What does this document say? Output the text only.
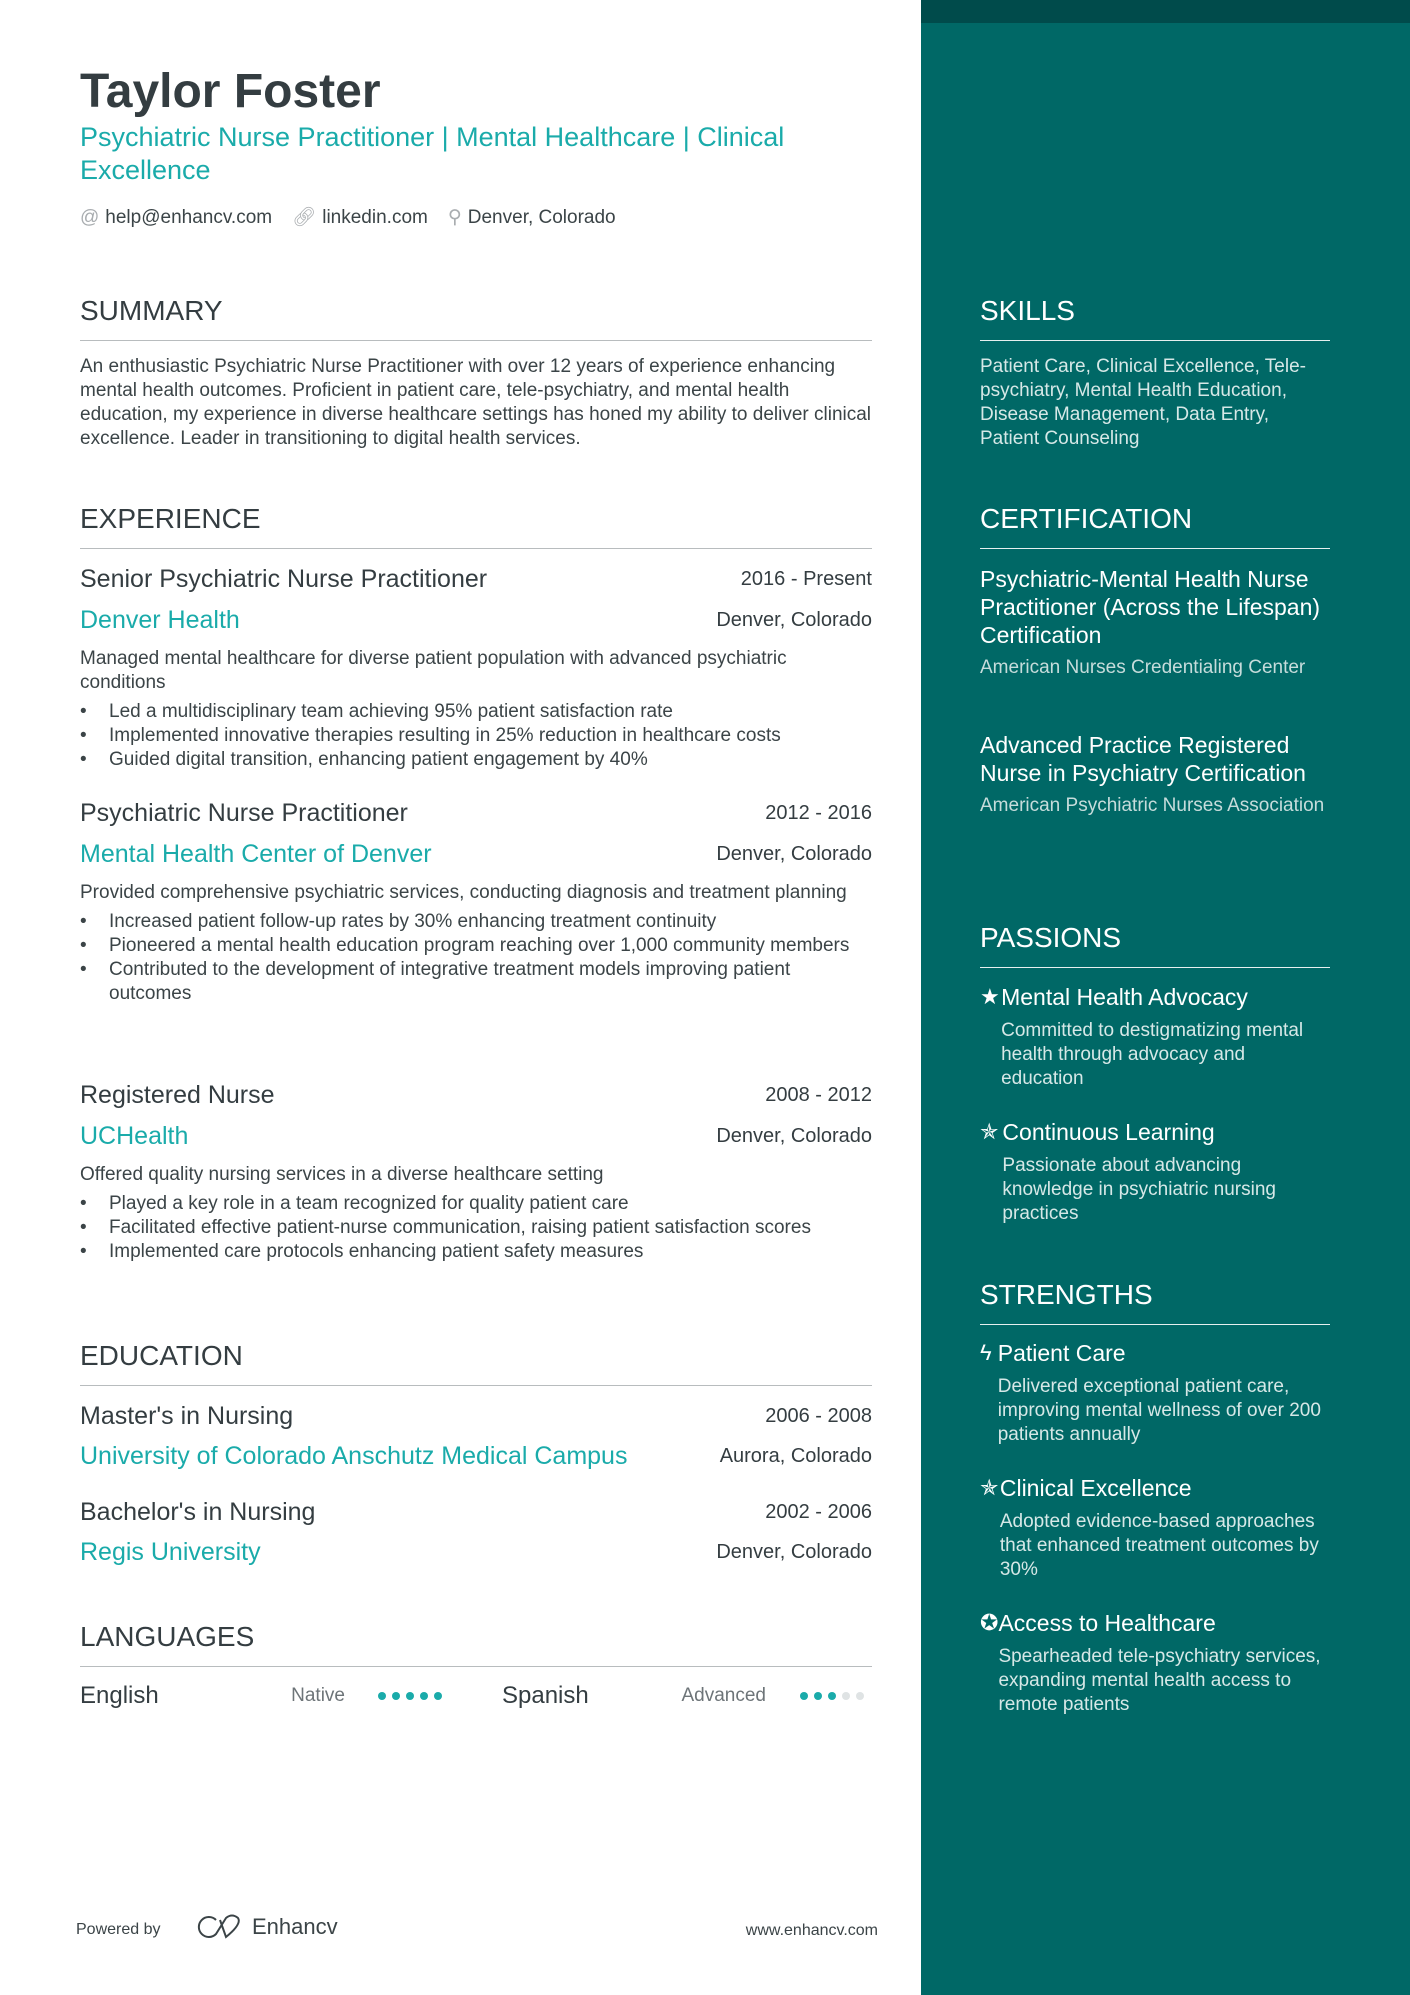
Taylor Foster
Psychiatric Nurse Practitioner | Mental Healthcare | Clinical Excellence
@ help@enhancv.com 🔗︎ linkedin.com ⚲ Denver, Colorado
SUMMARY

An enthusiastic Psychiatric Nurse Practitioner with over 12 years of experience enhancing mental health outcomes. Proficient in patient care, tele-psychiatry, and mental health education, my experience in diverse healthcare settings has honed my ability to deliver clinical excellence. Leader in transitioning to digital health services.

EXPERIENCE
Senior Psychiatric Nurse Practitioner	2016 - Present
Denver Health	Denver, Colorado

Managed mental healthcare for diverse patient population with advanced psychiatric conditions

• Led a multidisciplinary team achieving 95% patient satisfaction rate
• Implemented innovative therapies resulting in 25% reduction in healthcare costs
• Guided digital transition, enhancing patient engagement by 40%
Psychiatric Nurse Practitioner	2012 - 2016
Mental Health Center of Denver	Denver, Colorado

Provided comprehensive psychiatric services, conducting diagnosis and treatment planning

• Increased patient follow-up rates by 30% enhancing treatment continuity
• Pioneered a mental health education program reaching over 1,000 community members
• Contributed to the development of integrative treatment models improving patient outcomes
Registered Nurse	2008 - 2012
UCHealth	Denver, Colorado

Offered quality nursing services in a diverse healthcare setting

• Played a key role in a team recognized for quality patient care
• Facilitated effective patient-nurse communication, raising patient satisfaction scores
• Implemented care protocols enhancing patient safety measures
EDUCATION
Master's in Nursing	2006 - 2008
University of Colorado Anschutz Medical Campus	Aurora, Colorado
Bachelor's in Nursing	2002 - 2006
Regis University	Denver, Colorado
LANGUAGES
English	Native	Spanish	Advanced
Powered by	Enhancv	www.enhancv.com
SKILLS

Patient Care, Clinical Excellence, Tele-psychiatry, Mental Health Education, Disease Management, Data Entry, Patient Counseling

CERTIFICATION
Psychiatric-Mental Health Nurse Practitioner (Across the Lifespan) Certification
American Nurses Credentialing Center
Advanced Practice Registered Nurse in Psychiatry Certification
American Psychiatric Nurses Association
PASSIONS
★ Mental Health Advocacy
Committed to destigmatizing mental health through advocacy and education
✯ Continuous Learning
Passionate about advancing knowledge in psychiatric nursing practices
STRENGTHS
ϟ Patient Care
Delivered exceptional patient care, improving mental wellness of over 200 patients annually
✯ Clinical Excellence
Adopted evidence-based approaches that enhanced treatment outcomes by 30%
✪ Access to Healthcare
Spearheaded tele-psychiatry services, expanding mental health access to remote patients
